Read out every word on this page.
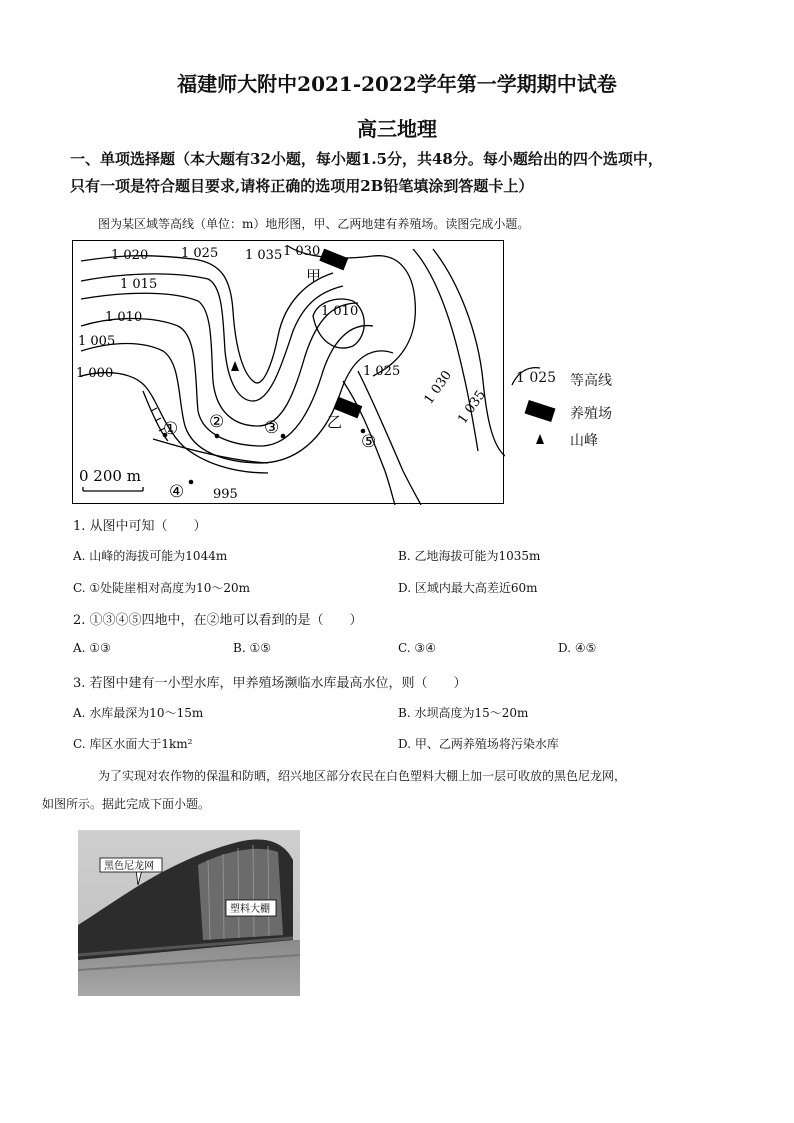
福建师大附中2021-2022学年第一学期期中试卷
高三地理
一、单项选择题（本大题有32小题，每小题1.5分，共48分。每小题给出的四个选项中，
只有一项是符合题目要求,请将正确的选项用2B铅笔填涂到答题卡上）
图为某区域等高线（单位：m）地形图，甲、乙两地建有养殖场。读图完成小题。
1 020	1 025 1 035 1 030
1 015
1 010	1 010
1 005
1 000	1 025 1 030
1 035
995
甲
乙
① ② ③
④
⑤
0 200 m
1 025 等高线
养殖场
山峰
1. 从图中可知（　　）
A. 山峰的海拔可能为1044m	B. 乙地海拔可能为1035m
C. ①处陡崖相对高度为10～20m	D. 区域内最大高差近60m
2. ①③④⑤四地中，在②地可以看到的是（　　）
A. ①③	B. ①⑤	C. ③④	D. ④⑤
3. 若图中建有一小型水库，甲养殖场濒临水库最高水位，则（　　）
A. 水库最深为10～15m	B. 水坝高度为15～20m
C. 库区水面大于1km²	D. 甲、乙两养殖场将污染水库
为了实现对农作物的保温和防晒，绍兴地区部分农民在白色塑料大棚上加一层可收放的黑色尼龙网，
如图所示。据此完成下面小题。
黑色尼龙网
塑料大棚
